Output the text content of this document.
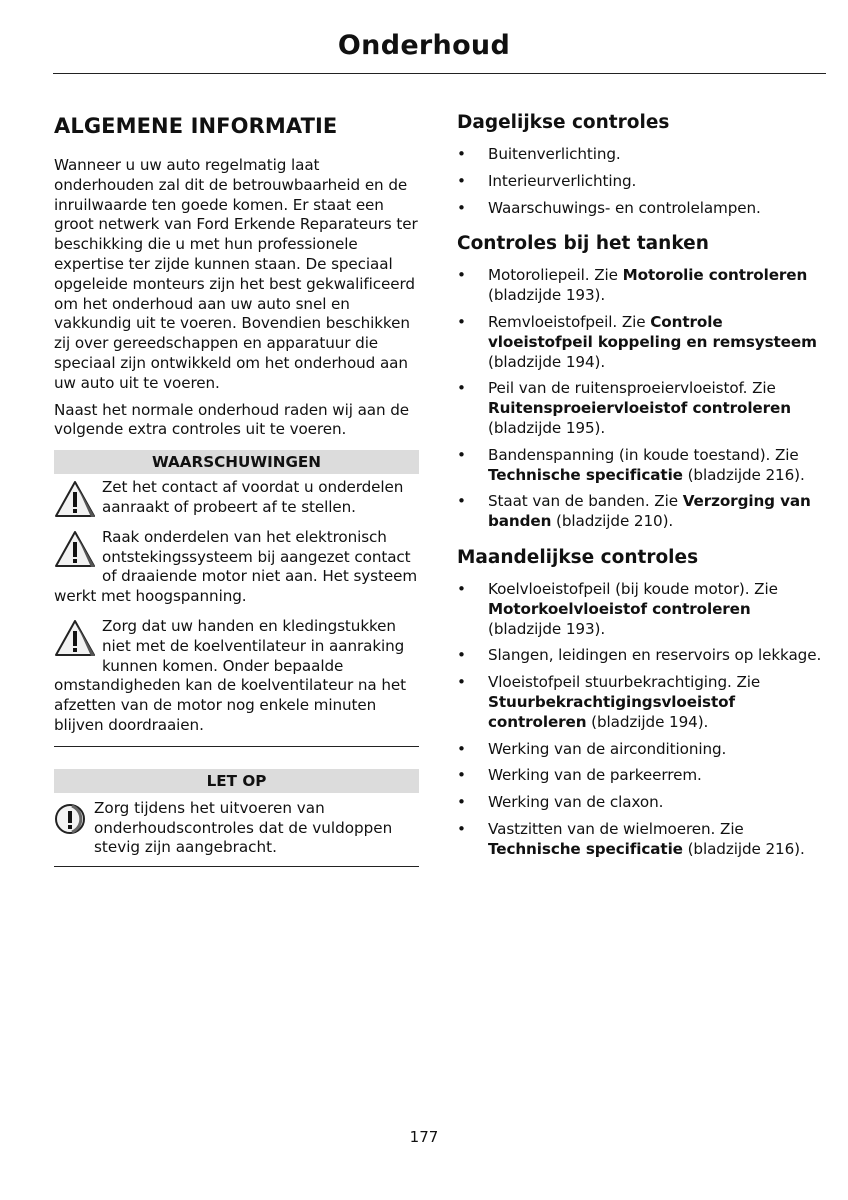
Onderhoud
ALGEMENE INFORMATIE

Wanneer u uw auto regelmatig laat onderhouden zal dit de betrouwbaarheid en de inruilwaarde ten goede komen. Er staat een groot netwerk van Ford Erkende Reparateurs ter beschikking die u met hun professionele expertise ter zijde kunnen staan. De speciaal opgeleide monteurs zijn het best gekwalificeerd om het onderhoud aan uw auto snel en vakkundig uit te voeren. Bovendien beschikken zij over gereedschappen en apparatuur die speciaal zijn ontwikkeld om het onderhoud aan uw auto uit te voeren.

Naast het normale onderhoud raden wij aan de volgende extra controles uit te voeren.

WAARSCHUWINGEN
Zet het contact af voordat u onderdelen aanraakt of probeert af te stellen.
Raak onderdelen van het elektronisch ontstekingssysteem bij aangezet contact of draaiende motor niet aan. Het systeem werkt met hoogspanning.
Zorg dat uw handen en kledingstukken niet met de koelventilateur in aanraking kunnen komen. Onder bepaalde omstandigheden kan de koelventilateur na het afzetten van de motor nog enkele minuten blijven doordraaien.
LET OP
Zorg tijdens het uitvoeren van onderhoudscontroles dat de vuldoppen stevig zijn aangebracht.
Dagelijkse controles
• Buitenverlichting.
• Interieurverlichting.
• Waarschuwings- en controlelampen.
Controles bij het tanken
• Motoroliepeil. Zie Motorolie controleren (bladzijde 193).
• Remvloeistofpeil. Zie Controle vloeistofpeil koppeling en remsysteem (bladzijde 194).
• Peil van de ruitensproeiervloeistof. Zie Ruitensproeiervloeistof controleren (bladzijde 195).
• Bandenspanning (in koude toestand). Zie Technische specificatie (bladzijde 216).
• Staat van de banden. Zie Verzorging van banden (bladzijde 210).
Maandelijkse controles
• Koelvloeistofpeil (bij koude motor). Zie Motorkoelvloeistof controleren (bladzijde 193).
• Slangen, leidingen en reservoirs op lekkage.
• Vloeistofpeil stuurbekrachtiging. Zie Stuurbekrachtigingsvloeistof controleren (bladzijde 194).
• Werking van de airconditioning.
• Werking van de parkeerrem.
• Werking van de claxon.
• Vastzitten van de wielmoeren. Zie Technische specificatie (bladzijde 216).
177
